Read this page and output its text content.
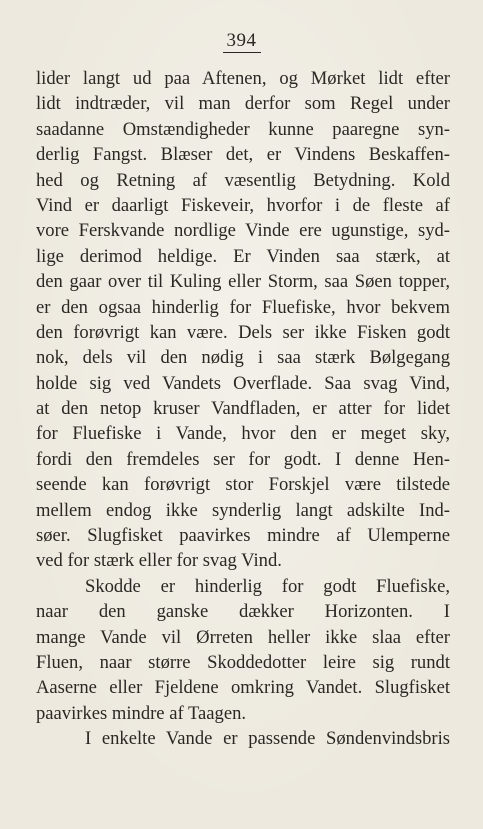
394
lider langt ud paa Aftenen, og Mørket lidt efter
lidt indtræder, vil man derfor som Regel under
saadanne Omstændigheder kunne paaregne syn-
derlig Fangst. Blæser det, er Vindens Beskaffen-
hed og Retning af væsentlig Betydning. Kold
Vind er daarligt Fiskeveir, hvorfor i de fleste af
vore Ferskvande nordlige Vinde ere ugunstige, syd-
lige derimod heldige. Er Vinden saa stærk, at
den gaar over til Kuling eller Storm, saa Søen topper,
er den ogsaa hinderlig for Fluefiske, hvor bekvem
den forøvrigt kan være. Dels ser ikke Fisken godt
nok, dels vil den nødig i saa stærk Bølgegang
holde sig ved Vandets Overflade. Saa svag Vind,
at den netop kruser Vandfladen, er atter for lidet
for Fluefiske i Vande, hvor den er meget sky,
fordi den fremdeles ser for godt. I denne Hen-
seende kan forøvrigt stor Forskjel være tilstede
mellem endog ikke synderlig langt adskilte Ind-
søer. Slugfisket paavirkes mindre af Ulemperne
ved for stærk eller for svag Vind.
Skodde er hinderlig for godt Fluefiske,
naar den ganske dækker Horizonten. I
mange Vande vil Ørreten heller ikke slaa efter
Fluen, naar større Skoddedotter leire sig rundt
Aaserne eller Fjeldene omkring Vandet. Slugfisket
paavirkes mindre af Taagen.
I enkelte Vande er passende Søndenvindsbris
